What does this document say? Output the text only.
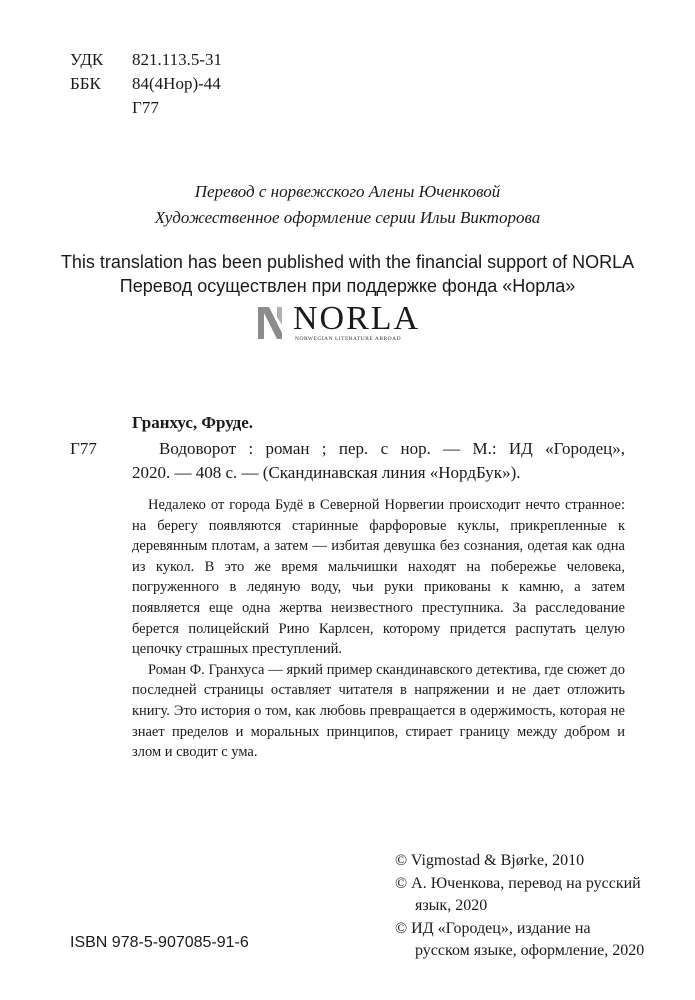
УДК	821.113.5-31
ББК	84(4Нор)-44
Г77
Перевод с норвежского Алены Юченковой
Художественное оформление серии Ильи Викторова
This translation has been published with the financial support of NORLA
Перевод осуществлен при поддержке фонда «Норла»
NORLA
NORWEGIAN LITERATURE ABROAD
Гранхус, Фруде.
Г77	Водоворот : роман ; пер. с нор. — М.: ИД «Городец»,
2020. — 408 с. — (Скандинавская линия «НордБук»).

Недалеко от города Будё в Северной Норвегии происходит нечто странное: на берегу появляются старинные фарфоровые куклы, прикрепленные к деревянным плотам, а затем — избитая девушка без сознания, одетая как одна из кукол. В это же время мальчишки находят на побережье человека, погруженного в ледяную воду, чьи руки прикованы к камню, а затем появляется еще одна жертва неизвестного преступника. За расследование берется полицейский Рино Карлсен, которому придется распутать целую цепочку страшных преступлений.

Роман Ф. Гранхуса — яркий пример скандинавского детектива, где сюжет до последней страницы оставляет читателя в напряжении и не дает отложить книгу. Это история о том, как любовь превращается в одержимость, которая не знает пределов и моральных принципов, стирает границу между добром и злом и сводит с ума.

© Vigmostad & Bjørke, 2010
© А. Юченкова, перевод на русский язык, 2020
© ИД «Городец», издание на русском языке, оформление, 2020
ISBN 978-5-907085-91-6
